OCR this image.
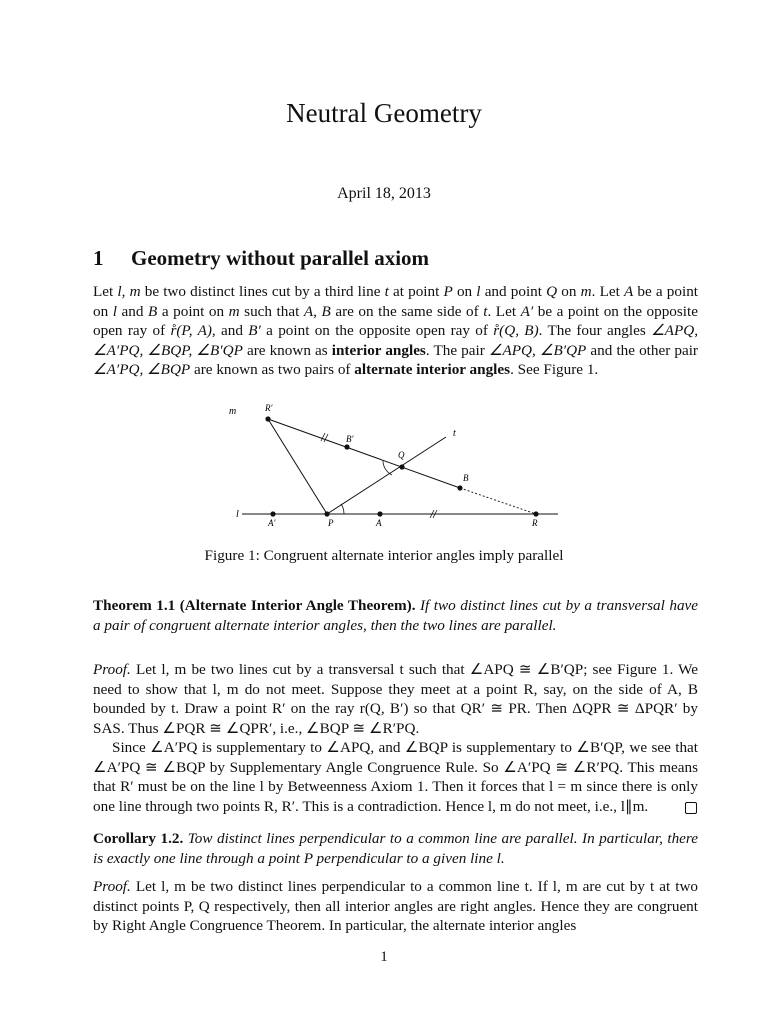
Neutral Geometry
April 18, 2013
1 Geometry without parallel axiom
Let l, m be two distinct lines cut by a third line t at point P on l and point Q on m. Let A be a point on l and B a point on m such that A, B are on the same side of t. Let A′ be a point on the opposite open ray of r̊(P, A), and B′ a point on the opposite open ray of r̊(Q, B). The four angles ∠APQ, ∠A′PQ, ∠BQP, ∠B′QP are known as interior angles. The pair ∠APQ, ∠B′QP and the other pair ∠A′PQ, ∠BQP are known as two pairs of alternate interior angles. See Figure 1.
m	R′
B′	t
Q
B
l
A′	P	A	R
Figure 1: Congruent alternate interior angles imply parallel
Theorem 1.1 (Alternate Interior Angle Theorem). If two distinct lines cut by a transversal have a pair of congruent alternate interior angles, then the two lines are parallel.
Proof. Let l, m be two lines cut by a transversal t such that ∠APQ ≅ ∠B′QP; see Figure 1. We need to show that l, m do not meet. Suppose they meet at a point R, say, on the side of A, B bounded by t. Draw a point R′ on the ray r(Q, B′) so that QR′ ≅ PR. Then ΔQPR ≅ ΔPQR′ by SAS. Thus ∠PQR ≅ ∠QPR′, i.e., ∠BQP ≅ ∠R′PQ.
Since ∠A′PQ is supplementary to ∠APQ, and ∠BQP is supplementary to ∠B′QP, we see that ∠A′PQ ≅ ∠BQP by Supplementary Angle Congruence Rule. So ∠A′PQ ≅ ∠R′PQ. This means that R′ must be on the line l by Betweenness Axiom 1. Then it forces that l = m since there is only one line through two points R, R′. This is a contradiction. Hence l, m do not meet, i.e., l∥m.
Corollary 1.2. Tow distinct lines perpendicular to a common line are parallel. In particular, there is exactly one line through a point P perpendicular to a given line l.
Proof. Let l, m be two distinct lines perpendicular to a common line t. If l, m are cut by t at two distinct points P, Q respectively, then all interior angles are right angles. Hence they are congruent by Right Angle Congruence Theorem. In particular, the alternate interior angles
1
